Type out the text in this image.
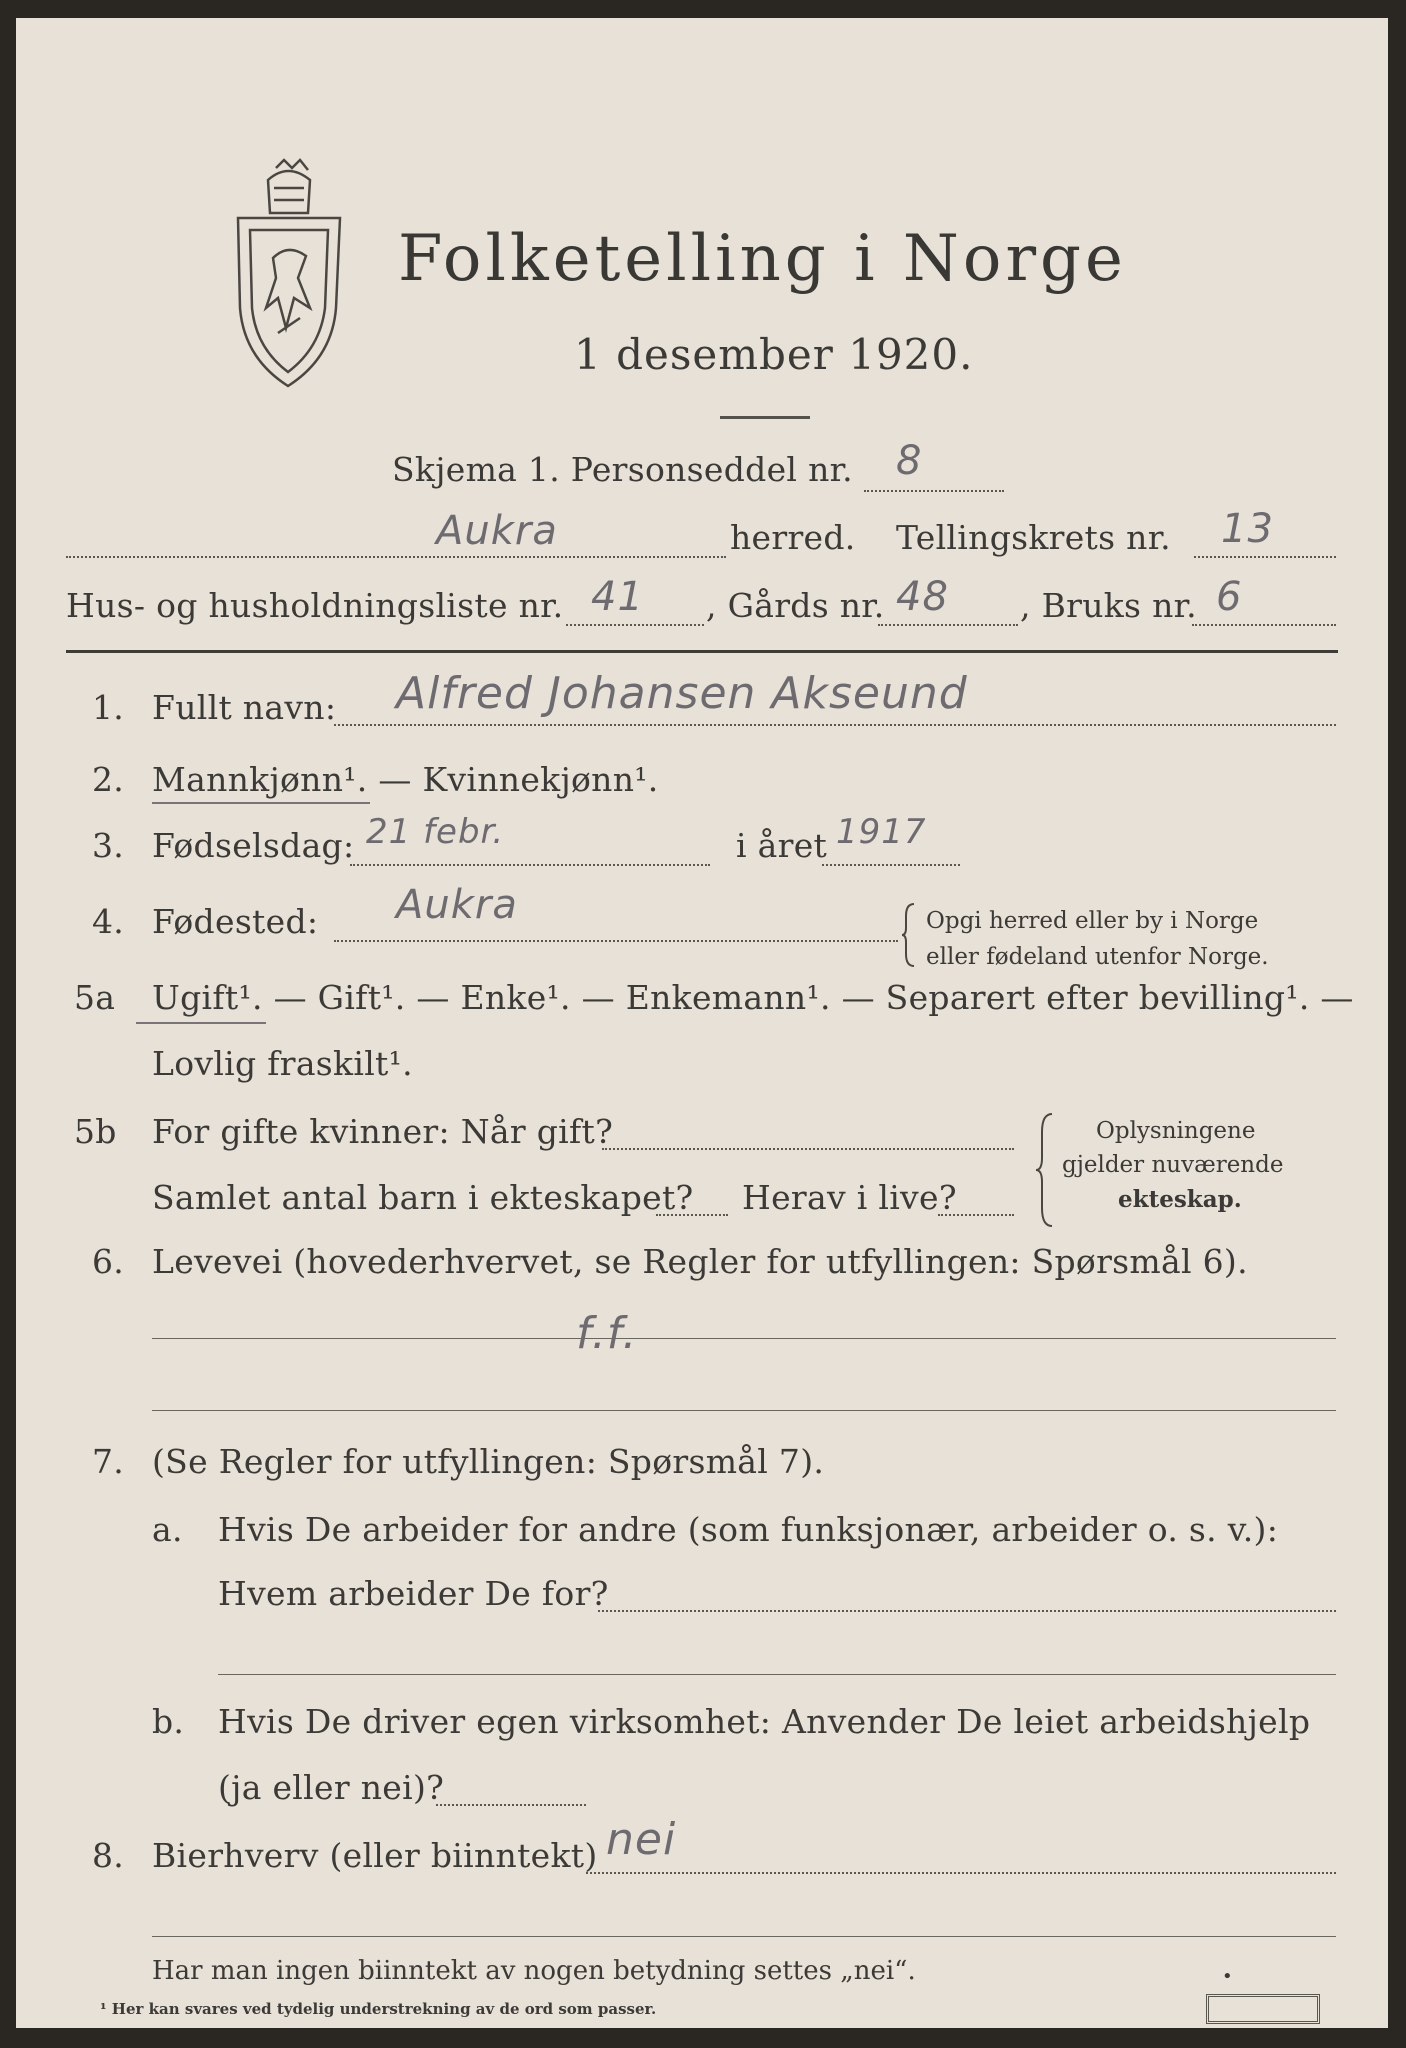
Folketelling i Norge
1 desember 1920.
Skjema 1. Personseddel nr. 8
Aukra	herred. Tellingskrets nr. 13
Hus- og husholdningsliste nr. 41 , Gårds nr. 48 , Bruks nr. 6
1. Fullt navn: Alfred Johansen Akseund
2. Mannkjønn¹. — Kvinnekjønn¹.
3. Fødselsdag: 21 febr.	i året 1917
4. Fødested: Aukra	Opgi herred eller by i Norge
eller fødeland utenfor Norge.
5a Ugift¹. — Gift¹. — Enke¹. — Enkemann¹. — Separert efter bevilling¹. —
Lovlig fraskilt¹.
5b For gifte kvinner: Når gift?
Samlet antal barn i ekteskapet? Herav i live?
Oplysningene
gjelder nuværende
ekteskap.
6. Levevei (hovederhvervet, se Regler for utfyllingen: Spørsmål 6).
f.f.
7. (Se Regler for utfyllingen: Spørsmål 7).
a. Hvis De arbeider for andre (som funksjonær, arbeider o. s. v.):
Hvem arbeider De for?
b. Hvis De driver egen virksomhet: Anvender De leiet arbeidshjelp
(ja eller nei)?
8. Bierhverv (eller biinntekt) nei
Har man ingen biinntekt av nogen betydning settes „nei“.	•
¹ Her kan svares ved tydelig understrekning av de ord som passer.
